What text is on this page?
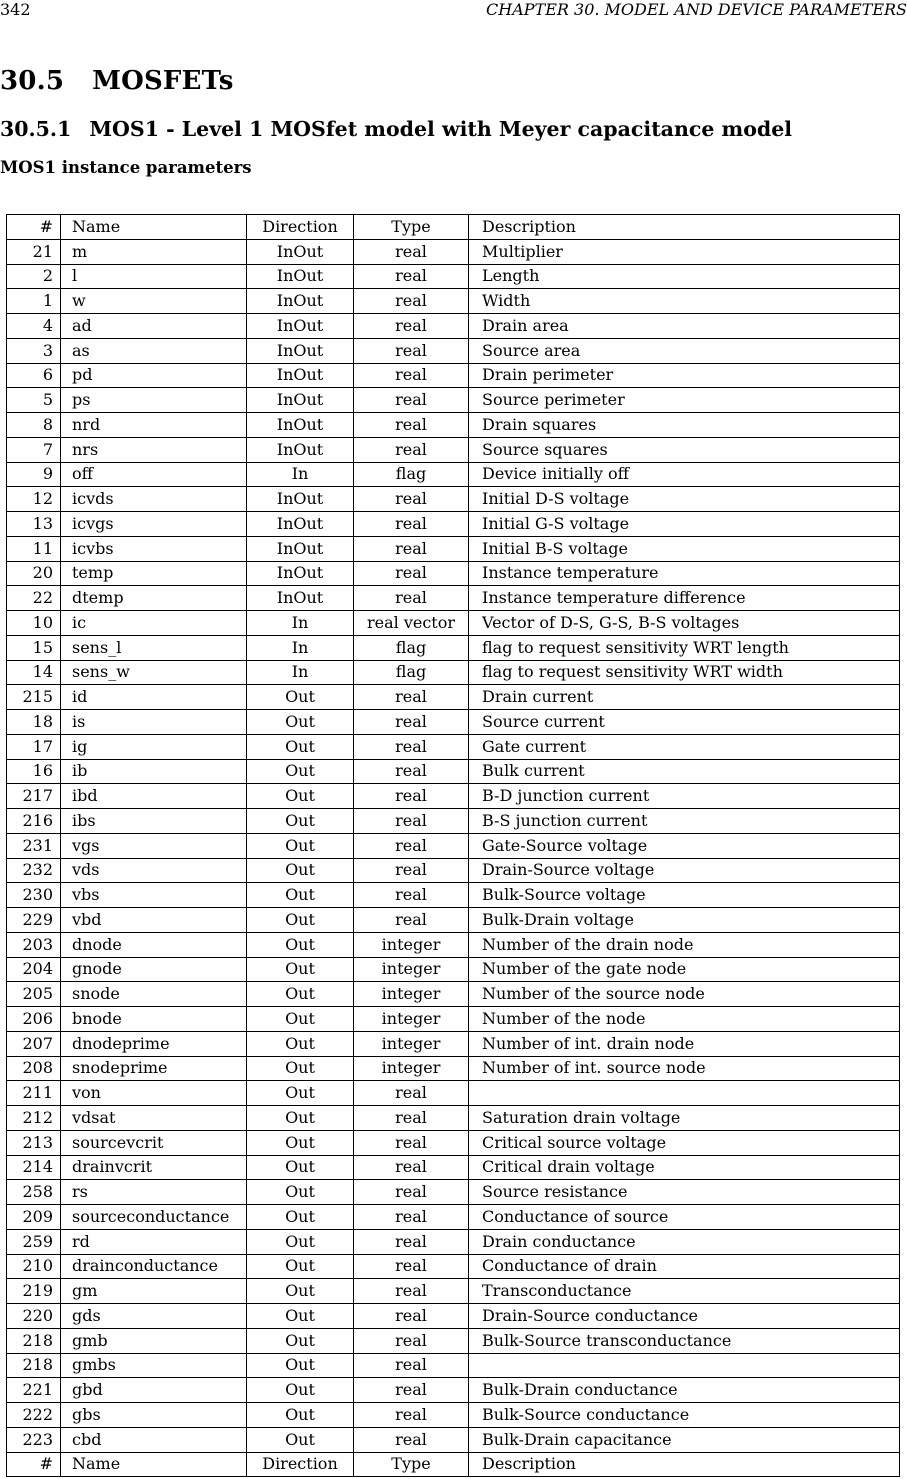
342	CHAPTER 30. MODEL AND DEVICE PARAMETERS
30.5 MOSFETs
30.5.1 MOS1 - Level 1 MOSfet model with Meyer capacitance model
MOS1 instance parameters
#	Name	Direction	Type	Description
21	m	InOut	real	Multiplier
2	l	InOut	real	Length
1	w	InOut	real	Width
4	ad	InOut	real	Drain area
3	as	InOut	real	Source area
6	pd	InOut	real	Drain perimeter
5	ps	InOut	real	Source perimeter
8	nrd	InOut	real	Drain squares
7	nrs	InOut	real	Source squares
9	off	In	flag	Device initially off
12	icvds	InOut	real	Initial D-S voltage
13	icvgs	InOut	real	Initial G-S voltage
11	icvbs	InOut	real	Initial B-S voltage
20	temp	InOut	real	Instance temperature
22	dtemp	InOut	real	Instance temperature difference
10	ic	In	real vector	Vector of D-S, G-S, B-S voltages
15	sens_l	In	flag	flag to request sensitivity WRT length
14	sens_w	In	flag	flag to request sensitivity WRT width
215	id	Out	real	Drain current
18	is	Out	real	Source current
17	ig	Out	real	Gate current
16	ib	Out	real	Bulk current
217	ibd	Out	real	B-D junction current
216	ibs	Out	real	B-S junction current
231	vgs	Out	real	Gate-Source voltage
232	vds	Out	real	Drain-Source voltage
230	vbs	Out	real	Bulk-Source voltage
229	vbd	Out	real	Bulk-Drain voltage
203	dnode	Out	integer	Number of the drain node
204	gnode	Out	integer	Number of the gate node
205	snode	Out	integer	Number of the source node
206	bnode	Out	integer	Number of the node
207	dnodeprime	Out	integer	Number of int. drain node
208	snodeprime	Out	integer	Number of int. source node
211	von	Out	real	
212	vdsat	Out	real	Saturation drain voltage
213	sourcevcrit	Out	real	Critical source voltage
214	drainvcrit	Out	real	Critical drain voltage
258	rs	Out	real	Source resistance
209	sourceconductance	Out	real	Conductance of source
259	rd	Out	real	Drain conductance
210	drainconductance	Out	real	Conductance of drain
219	gm	Out	real	Transconductance
220	gds	Out	real	Drain-Source conductance
218	gmb	Out	real	Bulk-Source transconductance
218	gmbs	Out	real	
221	gbd	Out	real	Bulk-Drain conductance
222	gbs	Out	real	Bulk-Source conductance
223	cbd	Out	real	Bulk-Drain capacitance
#	Name	Direction	Type	Description
